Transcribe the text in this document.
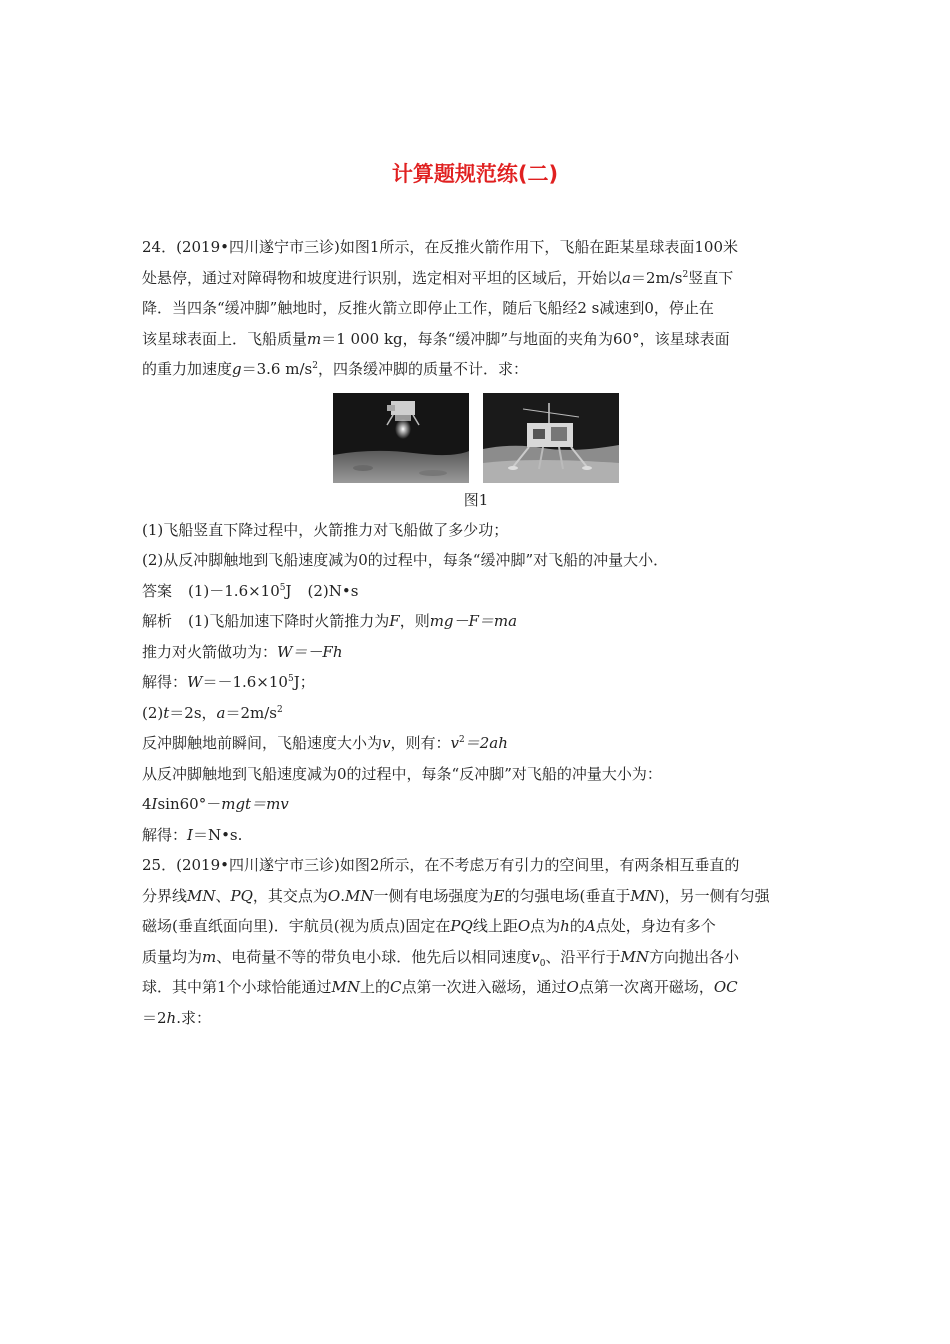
计算题规范练(二)

24．(2019•四川遂宁市三诊)如图1所示，在反推火箭作用下，飞船在距某星球表面100米

处悬停，通过对障碍物和坡度进行识别，选定相对平坦的区域后，开始以$a=2m/s^2$竖直下

降．当四条“缓冲脚”触地时，反推火箭立即停止工作，随后飞船经2 s减速到0，停止在

该星球表面上．飞船质量m＝1 000 kg，每条“缓冲脚”与地面的夹角为60°，该星球表面

的重力加速度g＝3.6 $m/s^2$，四条缓冲脚的质量不计．求：

图1

(1)飞船竖直下降过程中，火箭推力对飞船做了多少功；

(2)从反冲脚触地到飞船速度减为0的过程中，每条“缓冲脚”对飞船的冲量大小．

答案 $(1)-1.6\times 10^5J$ (2)N•s

解析 (1)飞船加速下降时火箭推力为F，则mg－F＝ma

推力对火箭做功为：W＝－Fh

解得：$W=-1.6\times 10^5J$；

(2)t＝2s，$a=2m/s^2$

反冲脚触地前瞬间，飞船速度大小为v，则有：$v^2=2ah$

从反冲脚触地到飞船速度减为0的过程中，每条“反冲脚”对飞船的冲量大小为：

4Isin60°－mgt＝mv

解得：I＝N•s.

25．(2019•四川遂宁市三诊)如图2所示，在不考虑万有引力的空间里，有两条相互垂直的

分界线MN、PQ，其交点为O.MN一侧有电场强度为E的匀强电场(垂直于MN)，另一侧有匀强

磁场(垂直纸面向里)．宇航员(视为质点)固定在PQ线上距O点为h的A点处，身边有多个

质量均为m、电荷量不等的带负电小球．他先后以相同速度$v_0$、沿平行于MN方向抛出各小

球．其中第1个小球恰能通过MN上的C点第一次进入磁场，通过O点第一次离开磁场，OC

＝2h.求：
